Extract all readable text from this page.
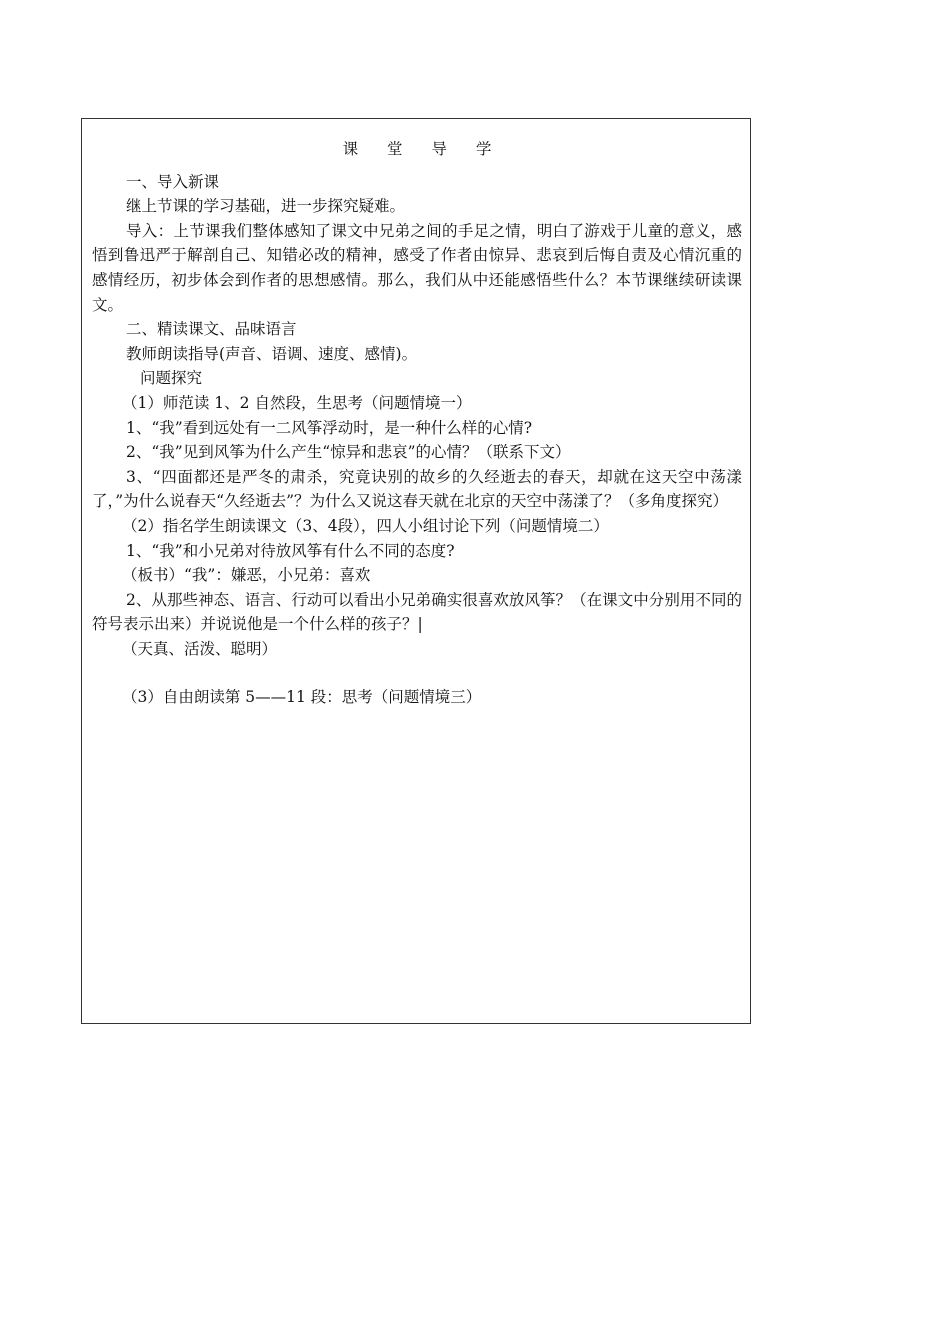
课 堂 导 学

一、导入新课

继上节课的学习基础，进一步探究疑难。

导入：上节课我们整体感知了课文中兄弟之间的手足之情，明白了游戏于儿童的意义，感悟到鲁迅严于解剖自己、知错必改的精神，感受了作者由惊异、悲哀到后悔自责及心情沉重的感情经历，初步体会到作者的思想感情。那么，我们从中还能感悟些什么？本节课继续研读课文。

二、精读课文、品味语言

教师朗读指导(声音、语调、速度、感情)。

问题探究

（1）师范读 1、2 自然段，生思考（问题情境一）

1、“我”看到远处有一二风筝浮动时，是一种什么样的心情?

2、“我”见到风筝为什么产生“惊异和悲哀”的心情？（联系下文）

3、“四面都还是严冬的肃杀，究竟诀别的故乡的久经逝去的春天，却就在这天空中荡漾了，”为什么说春天“久经逝去”？为什么又说这春天就在北京的天空中荡漾了？（多角度探究）

（2）指名学生朗读课文（3、4段），四人小组讨论下列（问题情境二）

1、“我”和小兄弟对待放风筝有什么不同的态度?

（板书）“我”：嫌恶，小兄弟：喜欢

2、从那些神态、语言、行动可以看出小兄弟确实很喜欢放风筝？（在课文中分别用不同的符号表示出来）并说说他是一个什么样的孩子？|

（天真、活泼、聪明）

（3）自由朗读第 5——11 段：思考（问题情境三）
